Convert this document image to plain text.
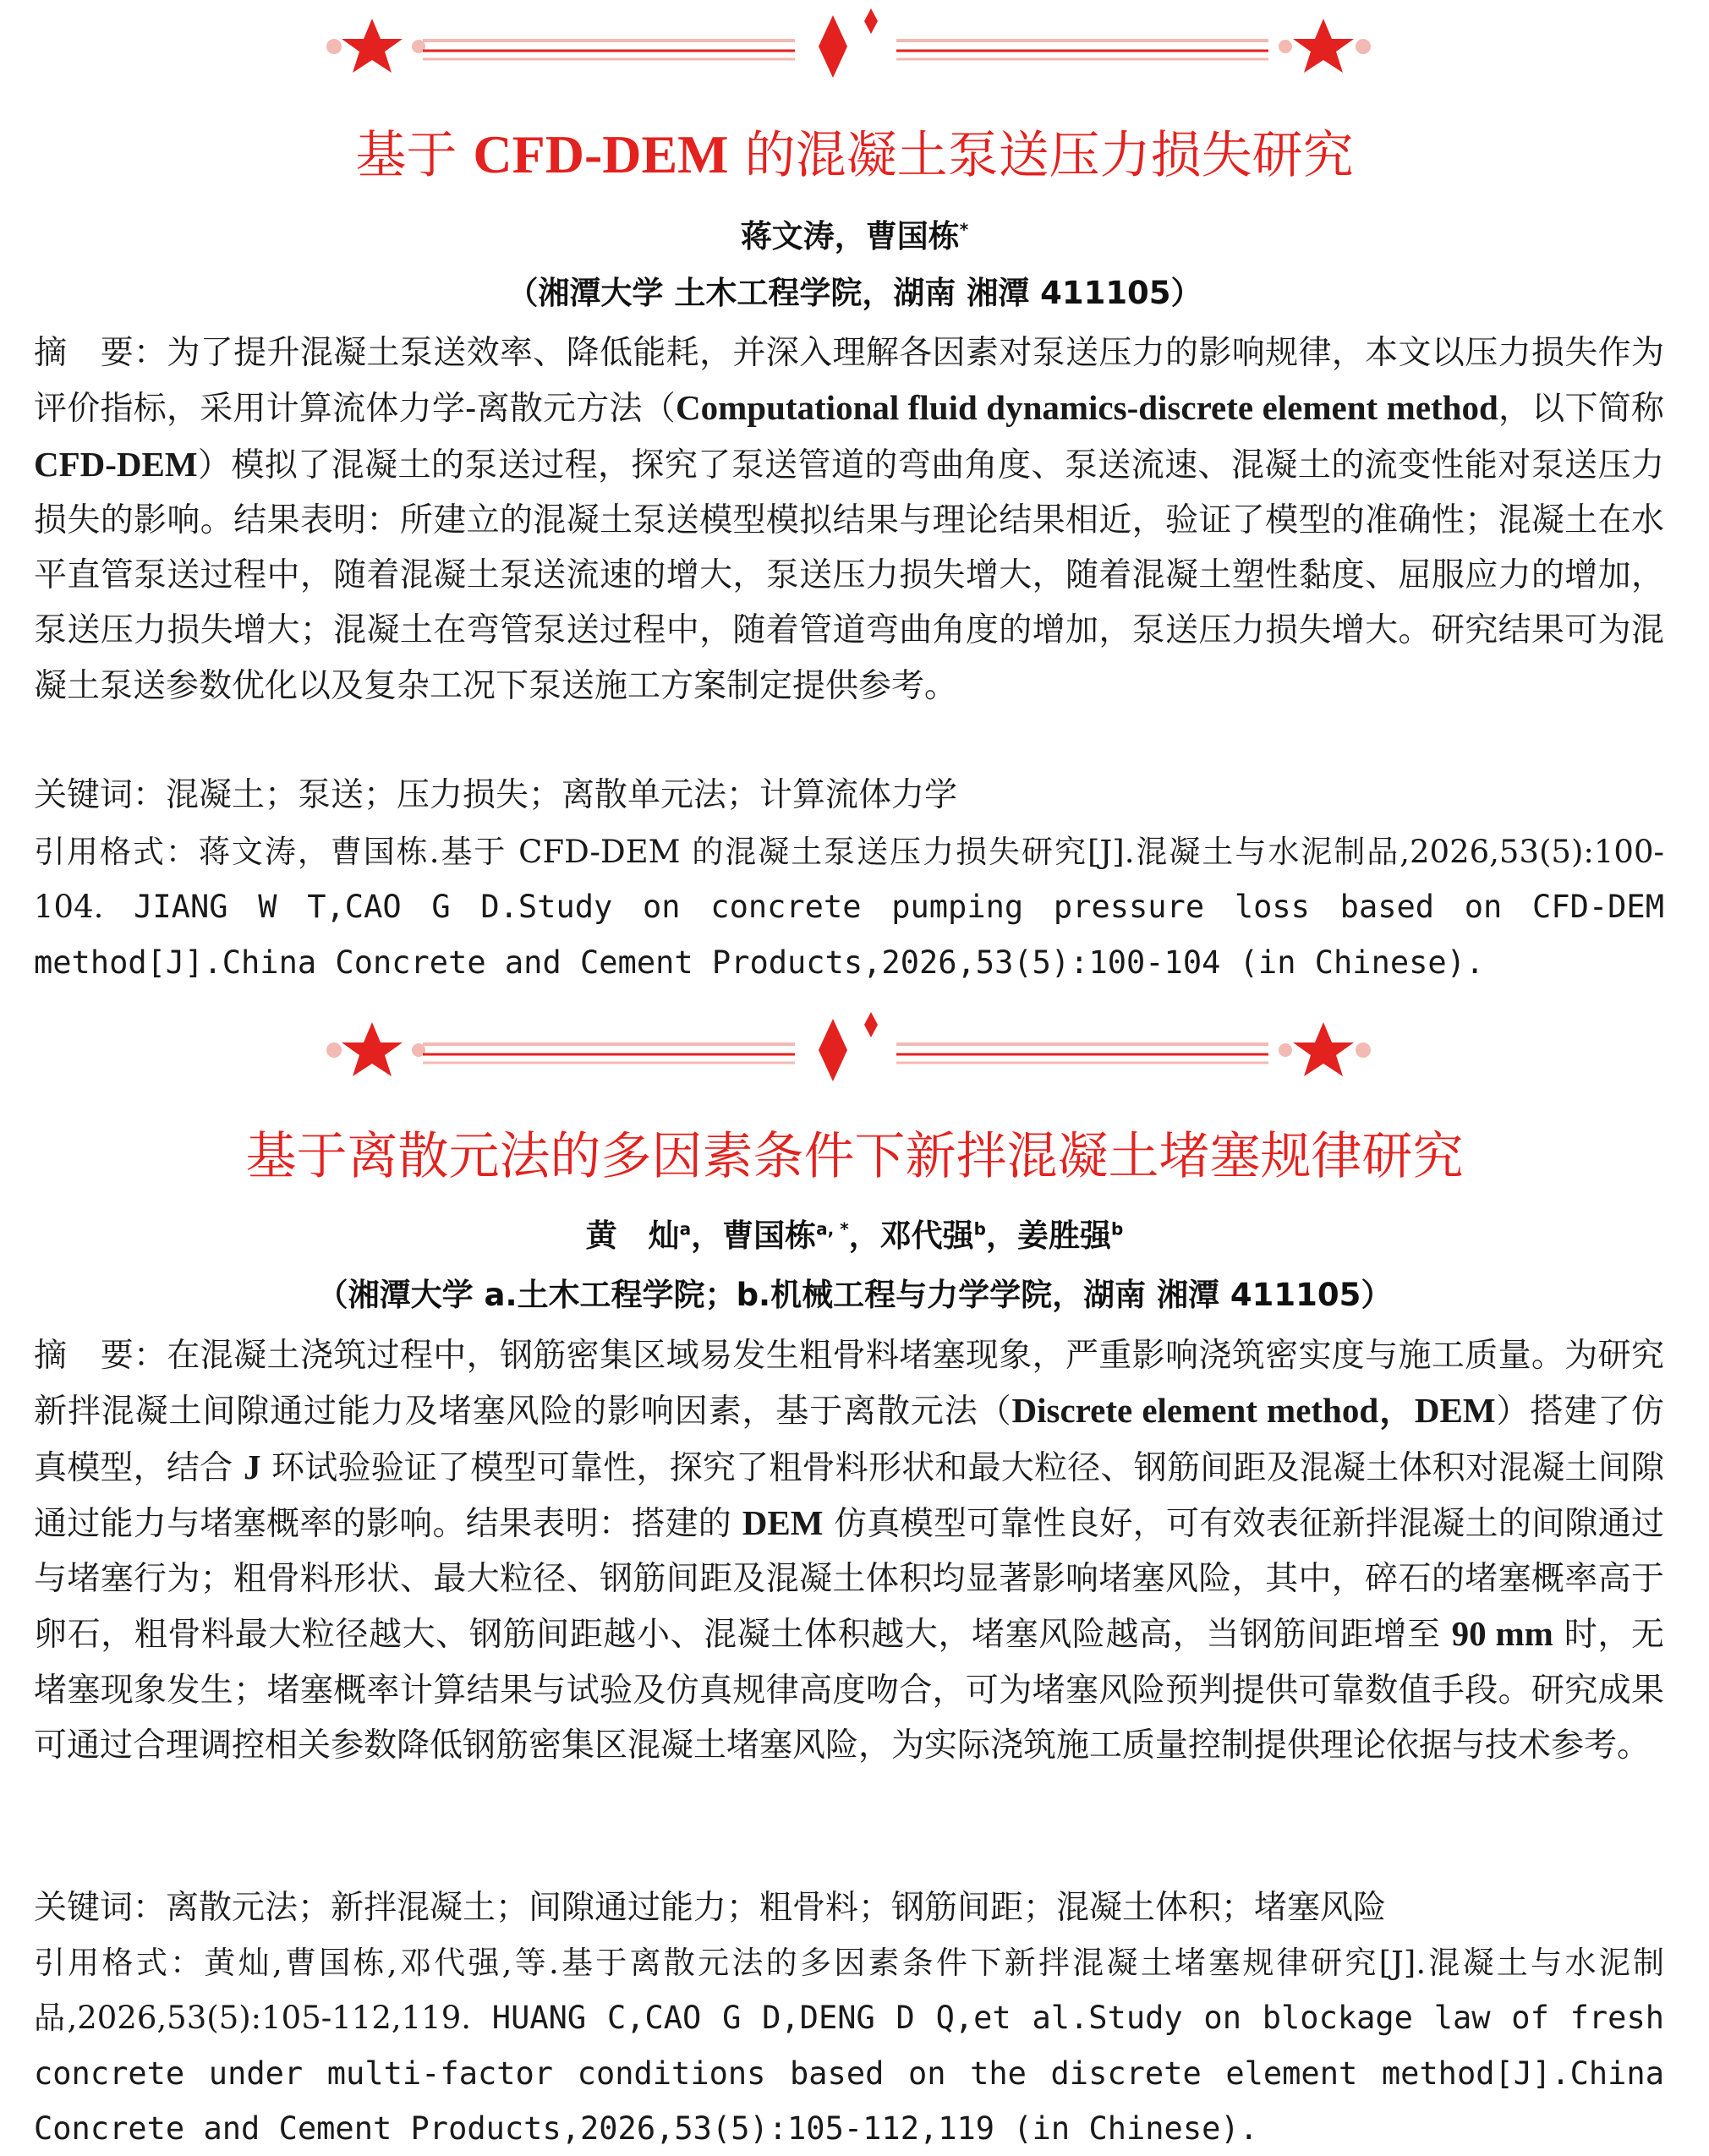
基于 CFD-DEM 的混凝土泵送压力损失研究
蒋文涛，曹国栋*
（湘潭大学 土木工程学院，湖南 湘潭 411105）
摘　要：为了提升混凝土泵送效率、降低能耗，并深入理解各因素对泵送压力的影响规律，本文以压力损失作为评价指标，采用计算流体力学-离散元方法（Computational fluid dynamics-discrete element method，以下简称 CFD-DEM）模拟了混凝土的泵送过程，探究了泵送管道的弯曲角度、泵送流速、混凝土的流变性能对泵送压力损失的影响。结果表明：所建立的混凝土泵送模型模拟结果与理论结果相近，验证了模型的准确性；混凝土在水平直管泵送过程中，随着混凝土泵送流速的增大，泵送压力损失增大，随着混凝土塑性黏度、屈服应力的增加，泵送压力损失增大；混凝土在弯管泵送过程中，随着管道弯曲角度的增加，泵送压力损失增大。研究结果可为混凝土泵送参数优化以及复杂工况下泵送施工方案制定提供参考。
关键词：混凝土；泵送；压力损失；离散单元法；计算流体力学
引用格式：蒋文涛，曹国栋.基于 CFD-DEM 的混凝土泵送压力损失研究[J].混凝土与水泥制品,2026,53(5):100-104. JIANG W T,CAO G D.Study on concrete pumping pressure loss based on CFD-DEM method[J].China Concrete and Cement Products,2026,53(5):100-104 (in Chinese).
基于离散元法的多因素条件下新拌混凝土堵塞规律研究
黄　灿$^a$，曹国栋$^{a, *}$，邓代强$^b$，姜胜强$^b$
（湘潭大学 a.土木工程学院；b.机械工程与力学学院，湖南 湘潭 411105）
摘　要：在混凝土浇筑过程中，钢筋密集区域易发生粗骨料堵塞现象，严重影响浇筑密实度与施工质量。为研究新拌混凝土间隙通过能力及堵塞风险的影响因素，基于离散元法（Discrete element method，DEM）搭建了仿真模型，结合 J 环试验验证了模型可靠性，探究了粗骨料形状和最大粒径、钢筋间距及混凝土体积对混凝土间隙通过能力与堵塞概率的影响。结果表明：搭建的 DEM 仿真模型可靠性良好，可有效表征新拌混凝土的间隙通过与堵塞行为；粗骨料形状、最大粒径、钢筋间距及混凝土体积均显著影响堵塞风险，其中，碎石的堵塞概率高于卵石，粗骨料最大粒径越大、钢筋间距越小、混凝土体积越大，堵塞风险越高，当钢筋间距增至 90 mm 时，无堵塞现象发生；堵塞概率计算结果与试验及仿真规律高度吻合，可为堵塞风险预判提供可靠数值手段。研究成果可通过合理调控相关参数降低钢筋密集区混凝土堵塞风险，为实际浇筑施工质量控制提供理论依据与技术参考。
关键词：离散元法；新拌混凝土；间隙通过能力；粗骨料；钢筋间距；混凝土体积；堵塞风险
引用格式：黄灿,曹国栋,邓代强,等.基于离散元法的多因素条件下新拌混凝土堵塞规律研究[J].混凝土与水泥制品,2026,53(5):105-112,119. HUANG C,CAO G D,DENG D Q,et al.Study on blockage law of fresh concrete under multi-factor conditions based on the discrete element method[J].China Concrete and Cement Products,2026,53(5):105-112,119 (in Chinese).
